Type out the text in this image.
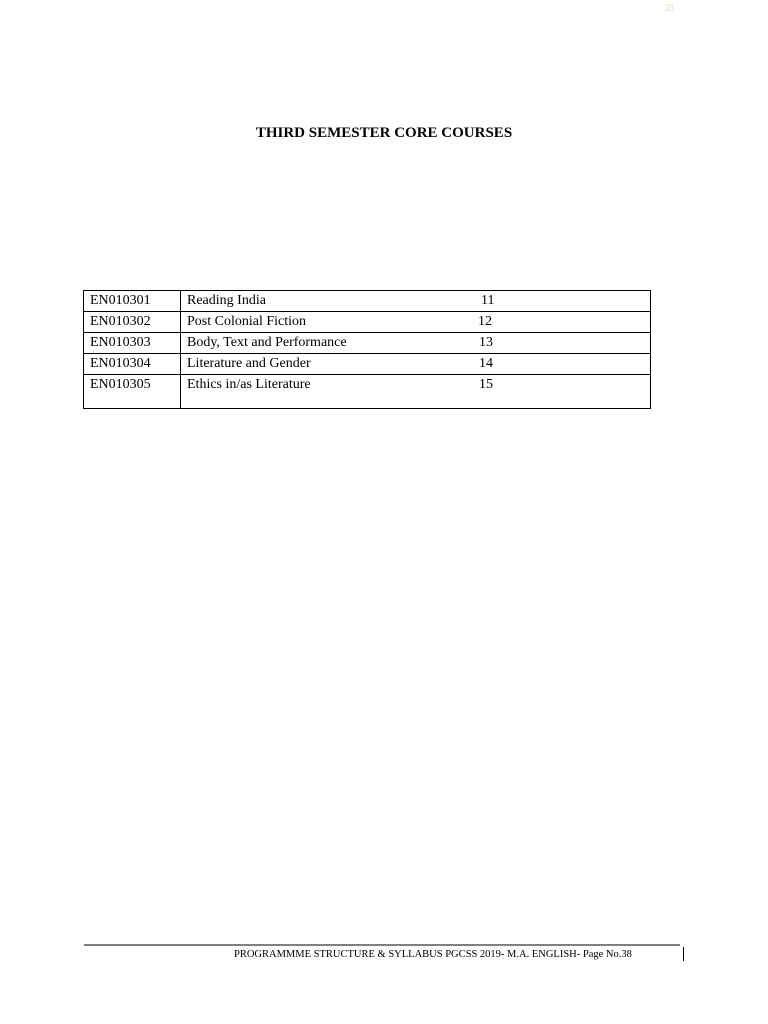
38
THIRD SEMESTER CORE COURSES
EN010301	Reading India 11	

EN010302	Post Colonial Fiction 12	

EN010303	Body, Text and Performance 13	

EN010304	Literature and Gender 14	

EN010305	Ethics in/as Literature 15	

PROGRAMMME STRUCTURE & SYLLABUS PGCSS 2019- M.A. ENGLISH- Page No.38
